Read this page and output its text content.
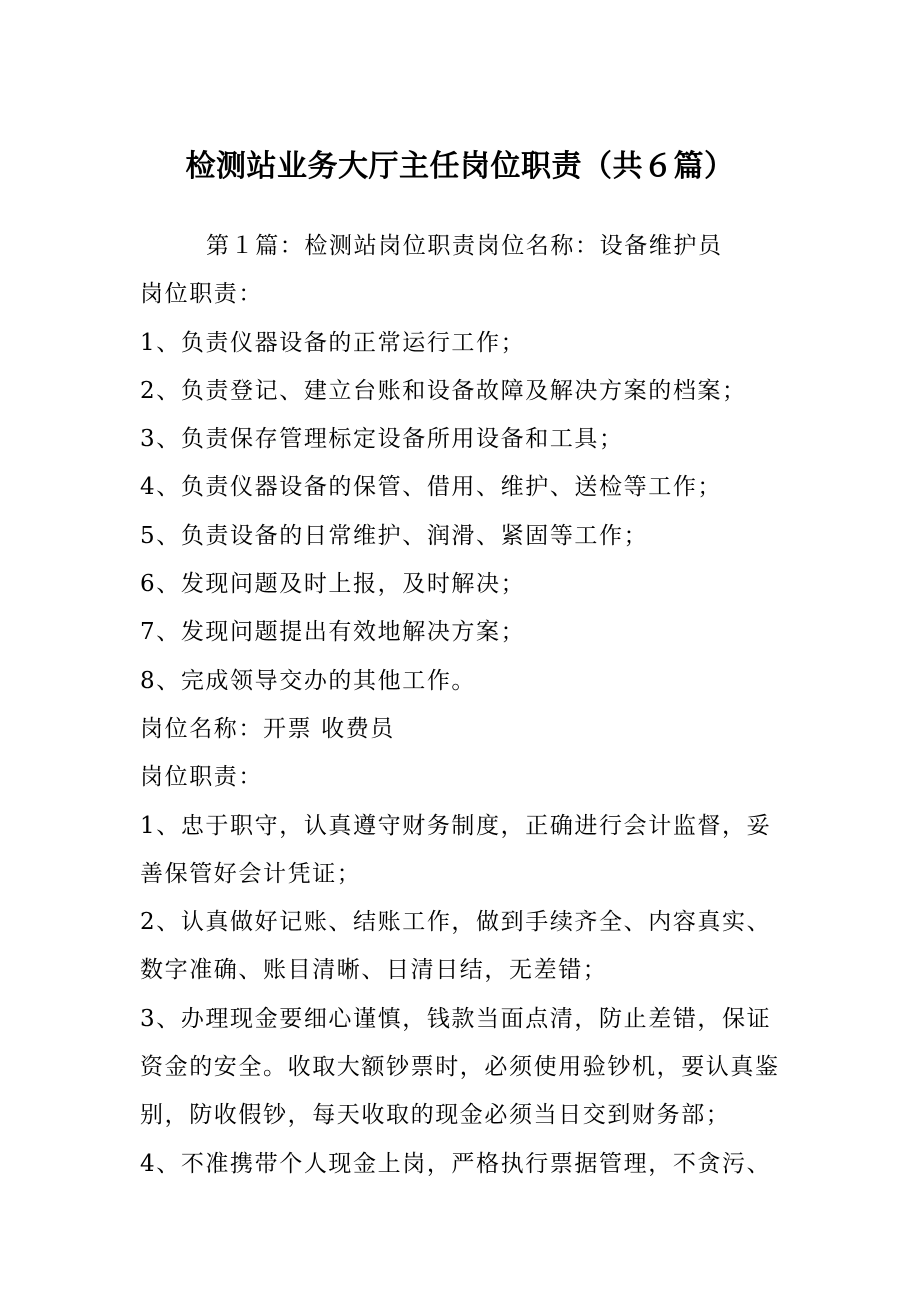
检测站业务大厅主任岗位职责（共６篇）
第１篇：检测站岗位职责岗位名称：设备维护员
岗位职责：
1、负责仪器设备的正常运行工作；
2、负责登记、建立台账和设备故障及解决方案的档案；
3、负责保存管理标定设备所用设备和工具；
4、负责仪器设备的保管、借用、维护、送检等工作；
5、负责设备的日常维护、润滑、紧固等工作；
6、发现问题及时上报，及时解决；
7、发现问题提出有效地解决方案；
8、完成领导交办的其他工作。
岗位名称：开票 收费员
岗位职责：
1、忠于职守，认真遵守财务制度，正确进行会计监督，妥
善保管好会计凭证；
2、认真做好记账、结账工作，做到手续齐全、内容真实、
数字准确、账目清晰、日清日结，无差错；
3、办理现金要细心谨慎，钱款当面点清，防止差错，保证
资金的安全。收取大额钞票时，必须使用验钞机，要认真鉴
别，防收假钞，每天收取的现金必须当日交到财务部；
4、不准携带个人现金上岗，严格执行票据管理，不贪污、
